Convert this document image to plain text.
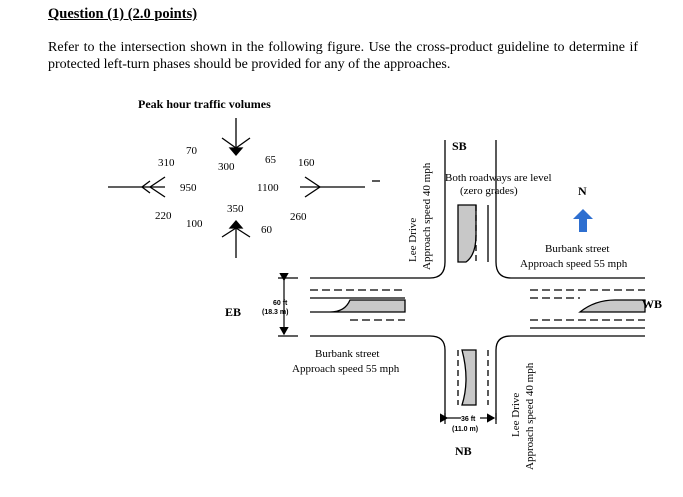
Question (1) (2.0 points)
Refer to the intersection shown in the following figure. Use the cross-product guideline to determine if protected left-turn phases should be provided for any of the approaches.
Peak hour traffic volumes
70
310	300
65 160
950	1100
350
220
100
260
60
60 ft
(18.3 m)
36 ft
(11.0 m)
SB
NB
EB
WB
Both roadways are level
(zero grades)	N
Burbank street
Approach speed 55 mph
Burbank street
Approach speed 55 mph
Lee Drive Approach speed 40 mph
Lee Drive Approach speed 40 mph
